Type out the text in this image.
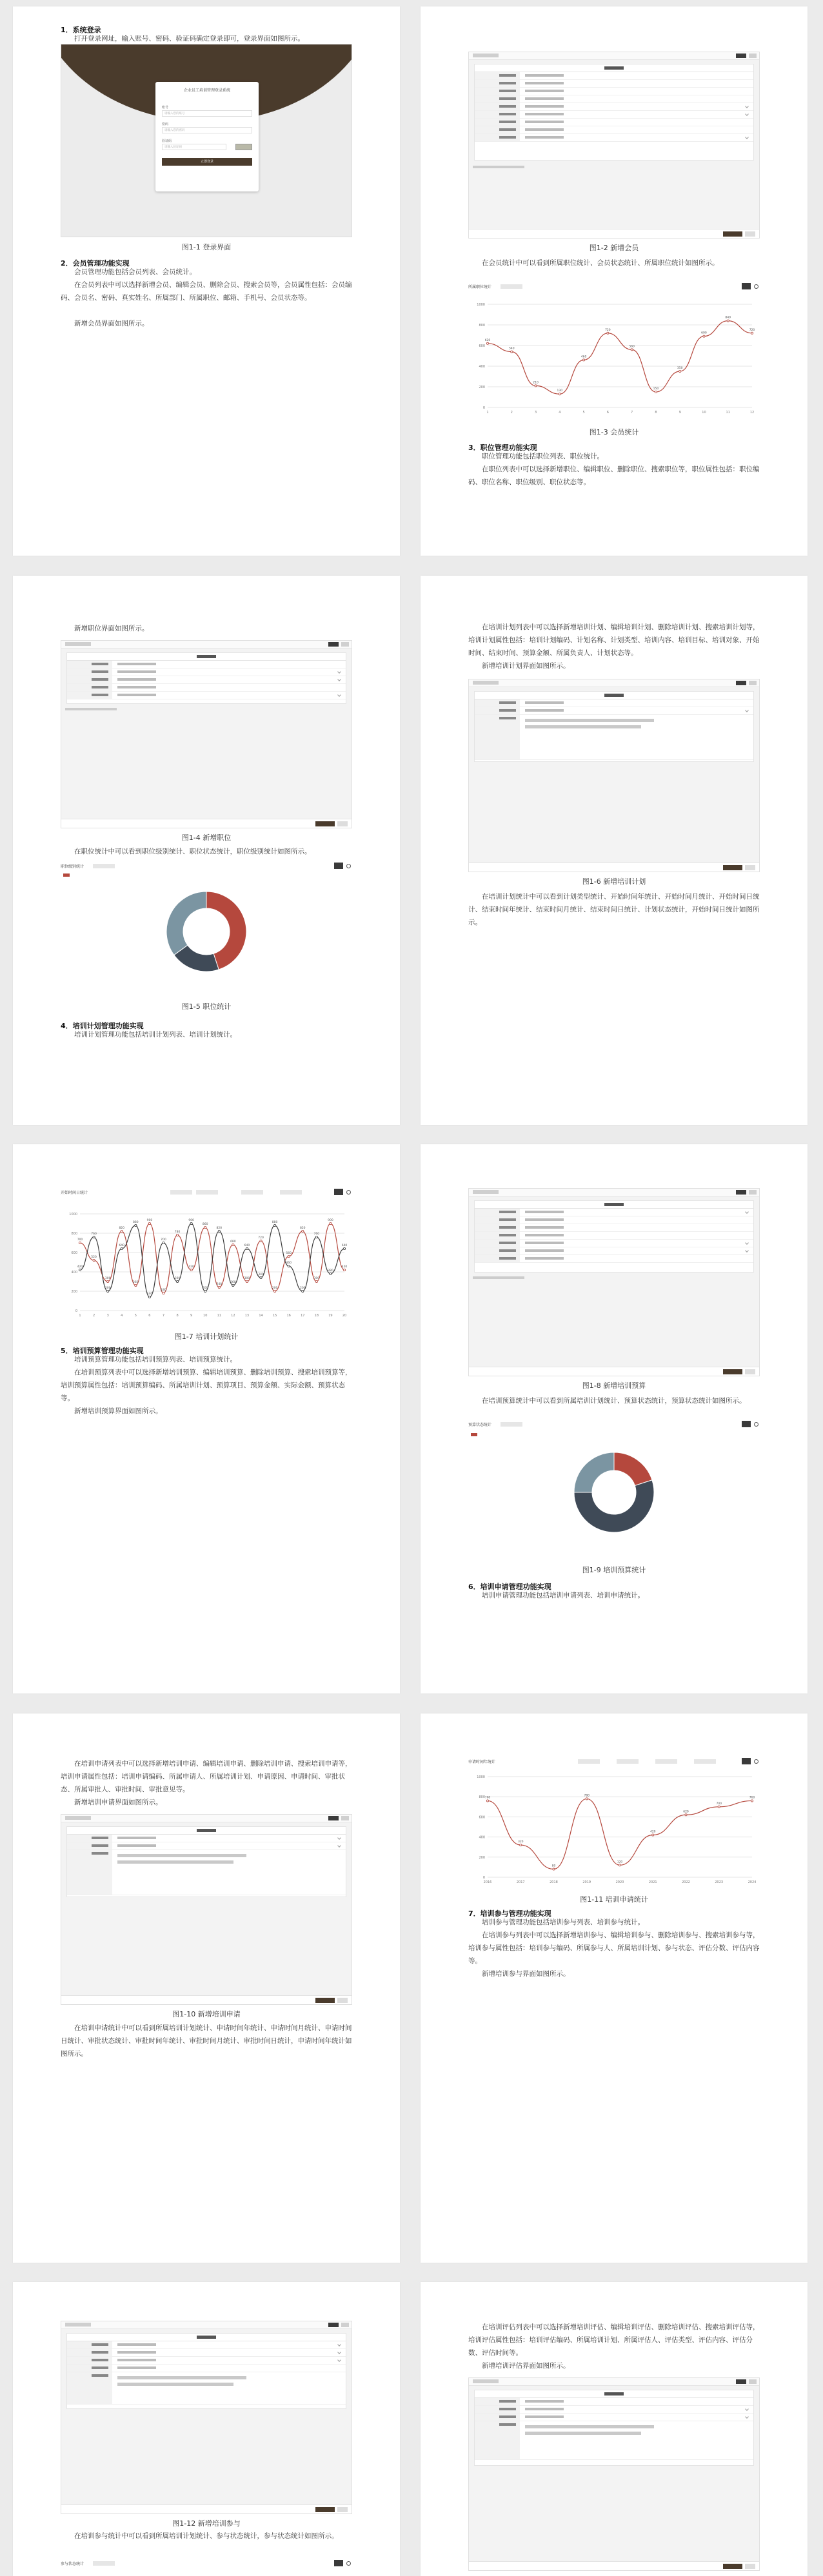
1．系统登录
打开登录网址，输入账号、密码、验证码确定登录即可，登录界面如图所示。
企业员工培训管理登录系统
账号
请输入您的账号
密码
请输入您的密码
验证码
请输入验证码
立即登录
图1-1 登录界面
2．会员管理功能实现
会员管理功能包括会员列表、会员统计。
在会员列表中可以选择新增会员、编辑会员、删除会员、搜索会员等，会员属性包括：会员编码、会员名、密码、真实姓名、所属部门、所属职位、邮箱、手机号、会员状态等。
新增会员界面如图所示。
图1-2 新增会员
在会员统计中可以看到所属职位统计、会员状态统计、所属职位统计如图所示。
所属职位统计
0
200
400
600
800
1000
1	2	3	4	5	6	7	8	9	10	11	12
620
540
210
130
460
720
560
150
350
690
840
720
图1-3 会员统计
3．职位管理功能实现
职位管理功能包括职位列表、职位统计。
在职位列表中可以选择新增职位、编辑职位、删除职位、搜索职位等，职位属性包括：职位编码、职位名称、职位级别、职位状态等。
新增职位界面如图所示。
图1-4 新增职位
在职位统计中可以看到职位级别统计、职位状态统计，职位级别统计如图所示。
职位级别统计
图1-5 职位统计
4．培训计划管理功能实现
培训计划管理功能包括培训计划列表、培训计划统计。
在培训计划列表中可以选择新增培训计划、编辑培训计划、删除培训计划、搜索培训计划等，培训计划属性包括：培训计划编码、计划名称、计划类型、培训内容、培训目标、培训对象、开始时间、结束时间、预算金额、所属负责人、计划状态等。
新增培训计划界面如图所示。
图1-6 新增培训计划
在培训计划统计中可以看到计划类型统计、开始时间年统计、开始时间月统计、开始时间日统计、结束时间年统计、结束时间月统计、结束时间日统计、计划状态统计，开始时间日统计如图所示。
开始时间日统计
0
200
400
600
800
1000
1	2	3	4	5	6	7	8	9	10	11	12	13	14	15	16	17	18	19	20
700
520
300
820
260
900
180
780
420
860
240
680
300
720
200
560
820
300
900
420
420
760
200
640
880
140
700
300
900
200
820
260
640
340
880
460
200
760
380
640
图1-7 培训计划统计
5．培训预算管理功能实现
培训预算管理功能包括培训预算列表、培训预算统计。
在培训预算列表中可以选择新增培训预算、编辑培训预算、删除培训预算、搜索培训预算等，培训预算属性包括：培训预算编码、所属培训计划、预算项目、预算金额、实际金额、预算状态等。
新增培训预算界面如图所示。
图1-8 新增培训预算
在培训预算统计中可以看到所属培训计划统计、预算状态统计，预算状态统计如图所示。
预算状态统计
图1-9 培训预算统计
6．培训申请管理功能实现
培训申请管理功能包括培训申请列表、培训申请统计。
在培训申请列表中可以选择新增培训申请、编辑培训申请、删除培训申请、搜索培训申请等，培训申请属性包括：培训申请编码、所属申请人、所属培训计划、申请原因、申请时间、审批状态、所属审批人、审批时间、审批意见等。
新增培训申请界面如图所示。
图1-10 新增培训申请
在培训申请统计中可以看到所属培训计划统计、申请时间年统计、申请时间月统计、申请时间日统计、审批状态统计、审批时间年统计、审批时间月统计、审批时间日统计，申请时间年统计如图所示。
申请时间年统计
0
200
400
600
800
1000
2016	2017	2018	2019	2020	2021	2022	2023	2024
760
320
80
780
120
420
620
700
760
图1-11 培训申请统计
7．培训参与管理功能实现
培训参与管理功能包括培训参与列表、培训参与统计。
在培训参与列表中可以选择新增培训参与、编辑培训参与、删除培训参与、搜索培训参与等，培训参与属性包括：培训参与编码、所属参与人、所属培训计划、参与状态、评估分数、评估内容等。
新增培训参与界面如图所示。
图1-12 新增培训参与
在培训参与统计中可以看到所属培训计划统计、参与状态统计，参与状态统计如图所示。
参与状态统计
在培训评估列表中可以选择新增培训评估、编辑培训评估、删除培训评估、搜索培训评估等，培训评估属性包括：培训评估编码、所属培训计划、所属评估人、评估类型、评估内容、评估分数、评估时间等。
新增培训评估界面如图所示。
